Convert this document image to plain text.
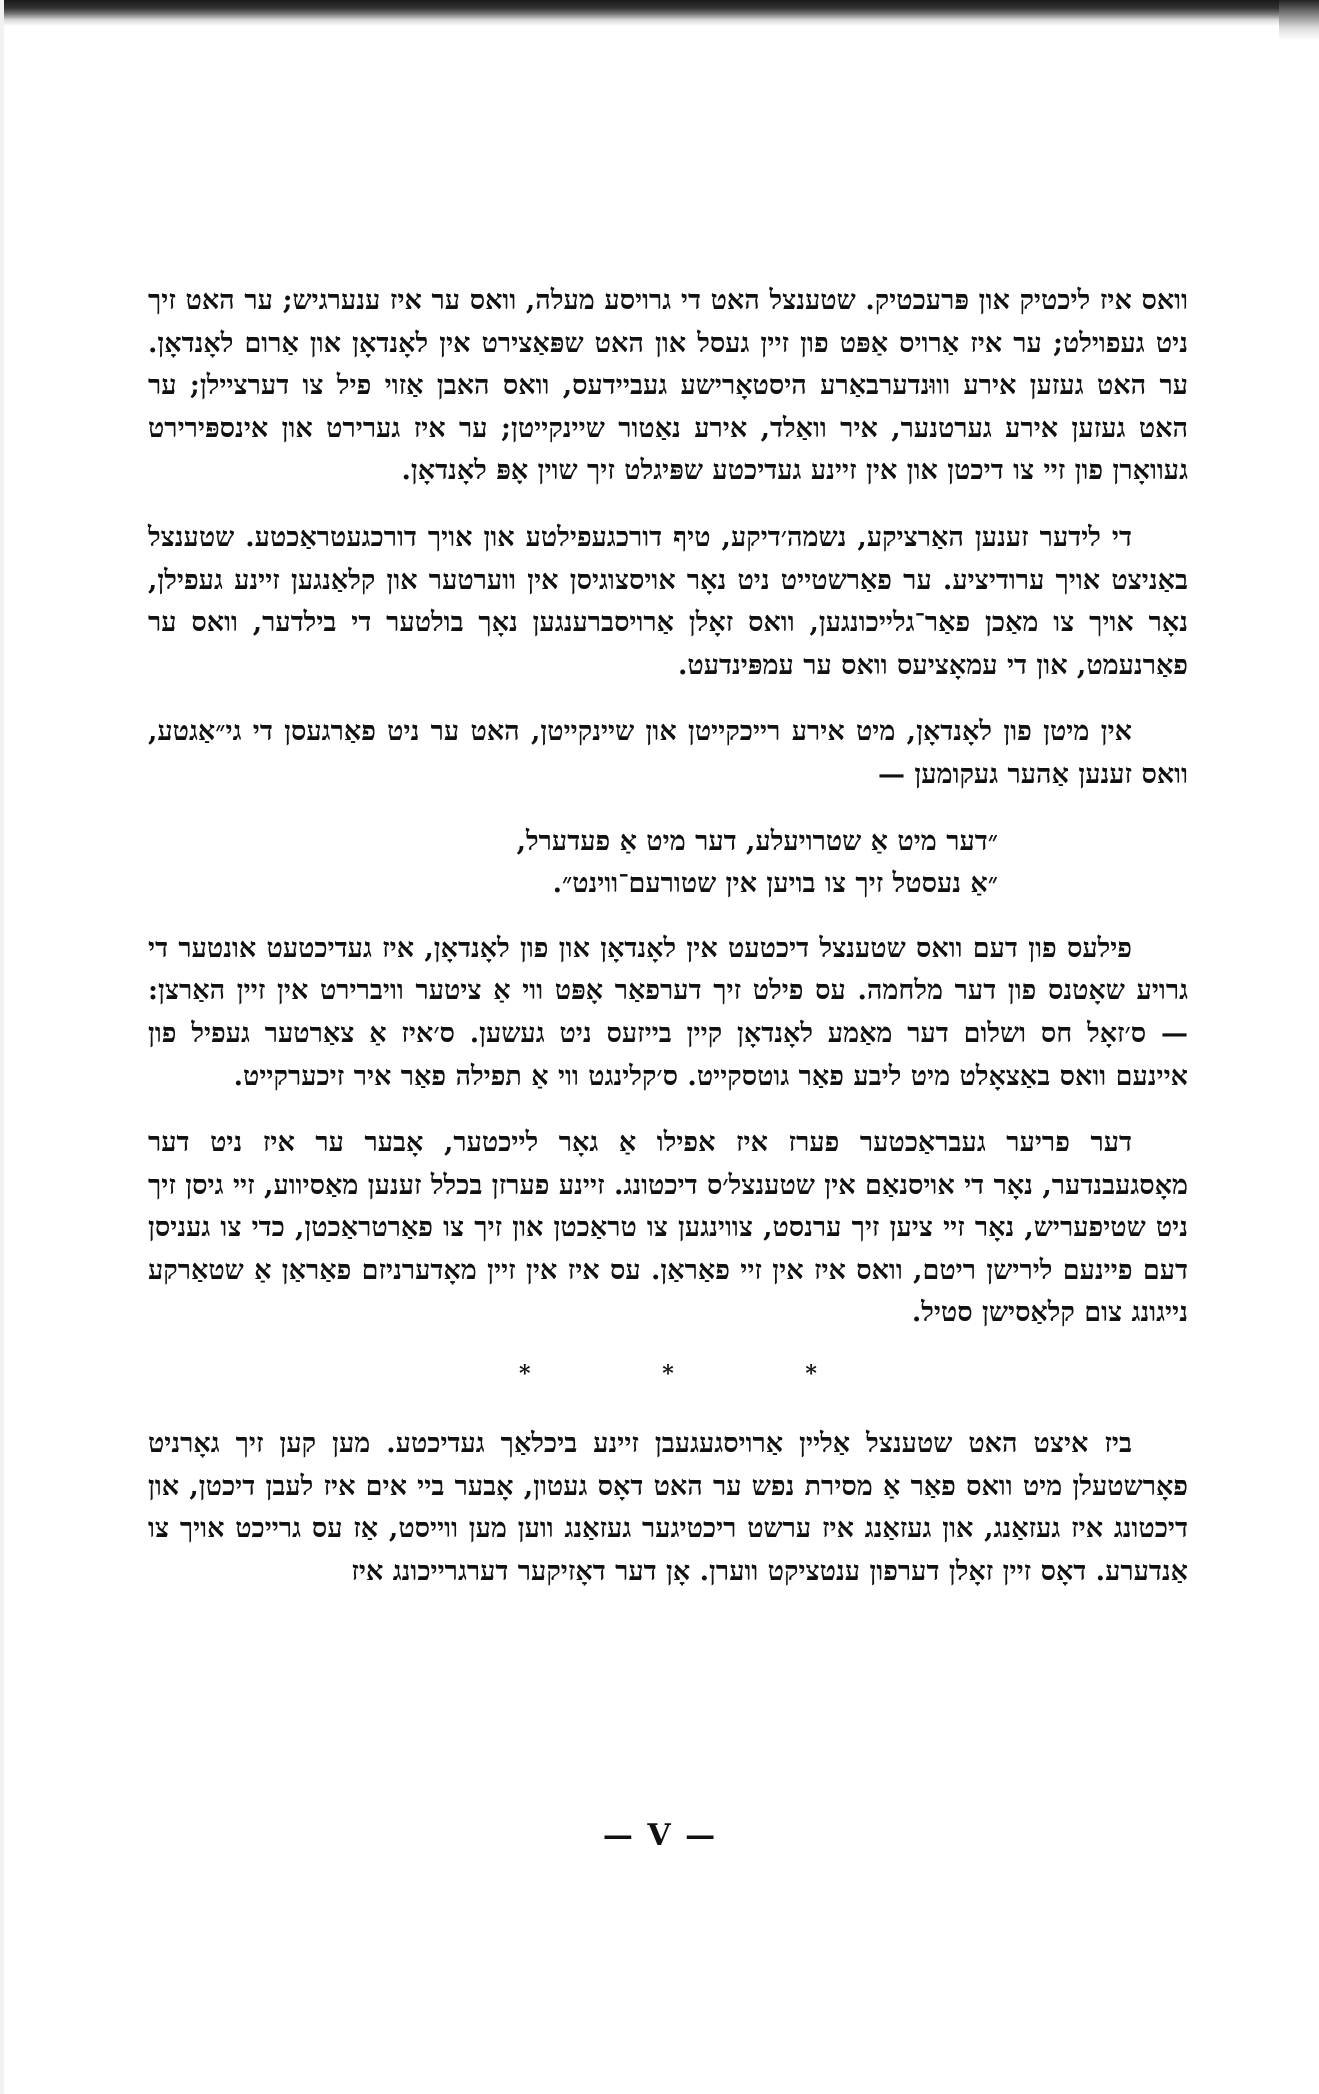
וואס איז ליכטיק און פּרעכטיק. שטענצל האט די גרויסע מעלה, וואס ער איז ענערגיש; ער האט זיך ניט געפוילט; ער איז אַרויס אַפּט פון זיין געסל און האט שפּאַצירט אין לאָנדאָן און אַרום לאָנדאָן. ער האט געזען אירע וווּנדערבאַרע היסטאָרישע געביידעס, וואס האבן אַזוי פיל צו דערציילן; ער האט געזען אירע גערטנער, איר וואַלד, אירע נאַטור שיינקייטן; ער איז גערירט און אינספּירירט געוואָרן פון זיי צו דיכטן און אין זיינע געדיכטע שפּיגלט זיך שוין אָפּ לאָנדאָן.

די לידער זענען האַרציקע, נשמה׳דיקע, טיף דורכגעפילטע און אויך דורכגעטראַכטע. שטענצל באַניצט אויך ערודיציע. ער פאַרשטייט ניט נאָר אויסצוגיסן אין ווערטער און קלאַנגען זיינע געפילן, נאָר אויך צו מאַכן פאַר־גלייכונגען, וואס זאָלן אַרויסברענגען נאָך בולטער די בילדער, וואס ער פאַרנעמט, און די עמאָציעס וואס ער עמפּינדעט.

אין מיטן פון לאָנדאָן, מיט אירע רייכקייטן און שיינקייטן, האט ער ניט פאַרגעסן די גי״אַגטע, וואס זענען אַהער געקומען —

״דער מיט אַ שטרויעלע, דער מיט אַ פעדערל,
״אַ נעסטל זיך צו בויען אין שטורעם־ווינט״.

פילעס פון דעם וואס שטענצל דיכטעט אין לאָנדאָן און פון לאָנדאָן, איז געדיכטעט אונטער די גרויע שאָטנס פון דער מלחמה. עס פילט זיך דערפאַר אָפּט ווי אַ ציטער וויברירט אין זיין האַרצן: — ס׳זאָל חס ושלום דער מאַמע לאָנדאָן קיין בייזעס ניט געשען. ס׳איז אַ צאַרטער געפיל פון איינעם וואס באַצאָלט מיט ליבע פאַר גוטסקייט. ס׳קלינגט ווי אַ תפילה פאַר איר זיכערקייט.

דער פריער געבראַכטער פערז איז אפילו אַ גאָר לייכטער, אָבער ער איז ניט דער מאָסגעבנדער, נאָר די אויסנאַם אין שטענצל׳ס דיכטונג. זיינע פערזן בכלל זענען מאַסיווע, זיי גיסן זיך ניט שטיפעריש, נאָר זיי ציען זיך ערנסט, צווינגען צו טראַכטן און זיך צו פאַרטראַכטן, כדי צו געניסן דעם פיינעם לירישן ריטם, וואס איז אין זיי פאַראַן. עס איז אין זיין מאָדערניזם פאַראַן אַ שטאַרקע נייגונג צום קלאַסישן סטיל.

*	*	*

ביז איצט האט שטענצל אַליין אַרויסגעגעבן זיינע ביכלאַך געדיכטע. מען קען זיך גאָרניט פאָרשטעלן מיט וואס פאַר אַ מסירת נפש ער האט דאָס געטון, אָבער ביי אים איז לעבן דיכטן, און דיכטונג איז געזאַנג, און געזאַנג איז ערשט ריכטיגער געזאַנג ווען מען ווייסט, אַז עס גרייכט אויך צו אַנדערע. דאָס זיין זאָלן דערפון ענטציקט ווערן. אָן דער דאָזיקער דערגרייכונג איז

— V —
